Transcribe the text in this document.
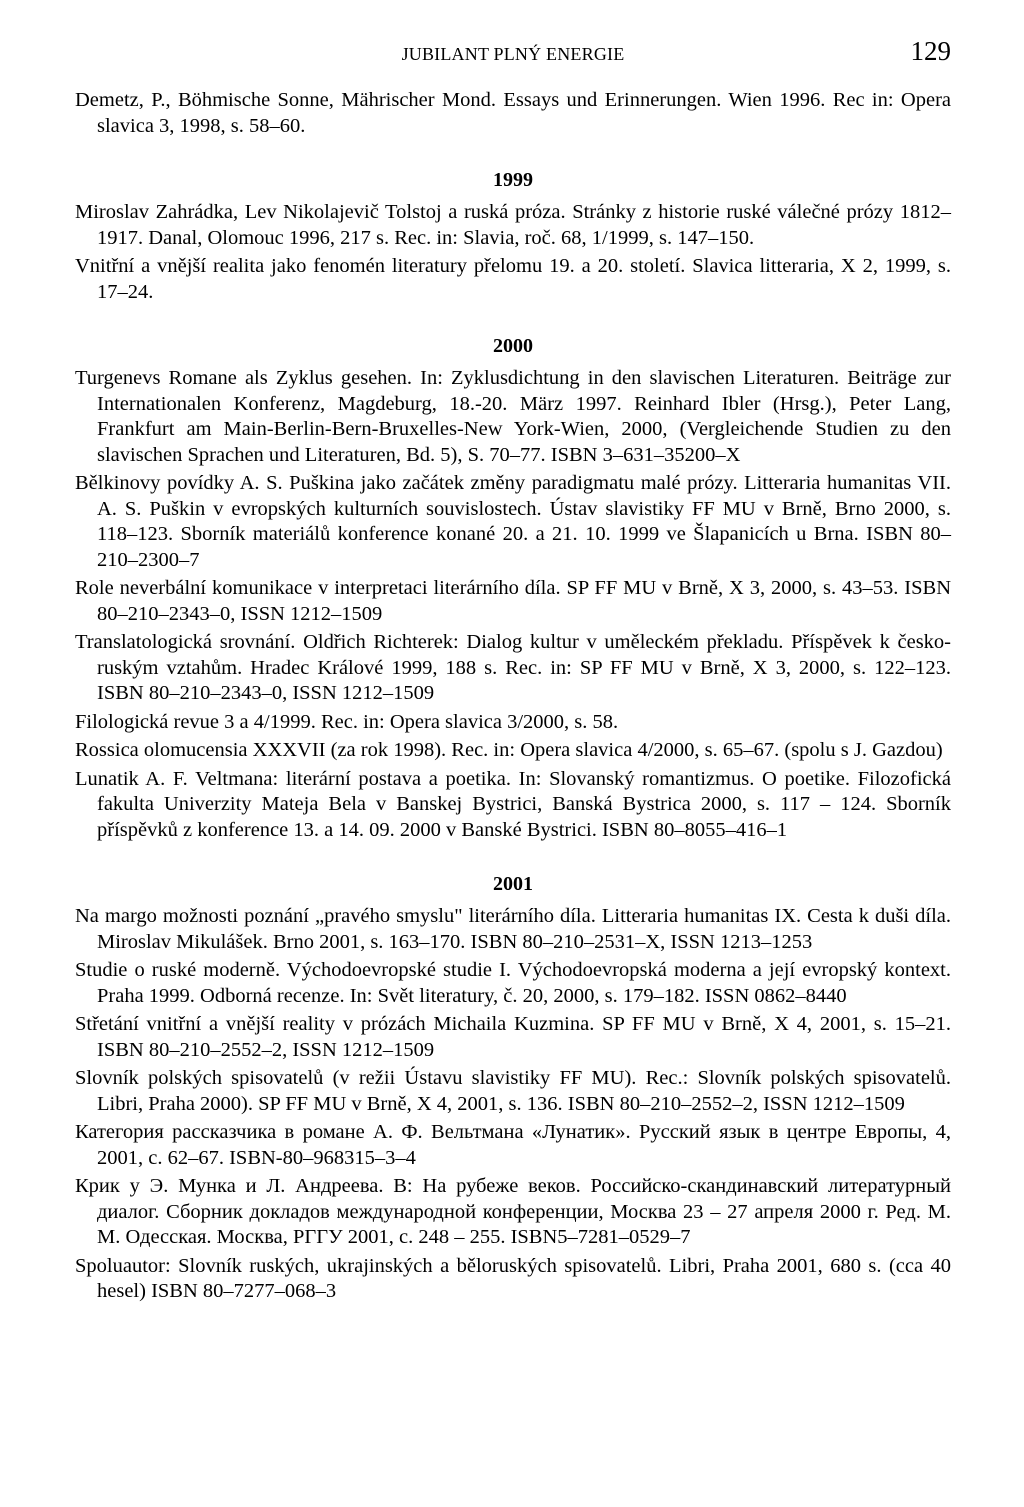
JUBILANT PLNÝ ENERGIE	129

Demetz, P., Böhmische Sonne, Mährischer Mond. Essays und Erinnerungen. Wien 1996. Rec in: Opera slavica 3, 1998, s. 58–60.

1999

Miroslav Zahrádka, Lev Nikolajevič Tolstoj a ruská próza. Stránky z historie ruské válečné prózy 1812–1917. Danal, Olomouc 1996, 217 s. Rec. in: Slavia, roč. 68, 1/1999, s. 147–150.

Vnitřní a vnější realita jako fenomén literatury přelomu 19. a 20. století. Slavica litteraria, X 2, 1999, s. 17–24.

2000

Turgenevs Romane als Zyklus gesehen. In: Zyklusdichtung in den slavischen Literaturen. Beiträge zur Internationalen Konferenz, Magdeburg, 18.-20. März 1997. Reinhard Ibler (Hrsg.), Peter Lang, Frankfurt am Main-Berlin-Bern-Bruxelles-New York-Wien, 2000, (Vergleichende Studien zu den slavischen Sprachen und Literaturen, Bd. 5), S. 70–77. ISBN 3–631–35200–X

Bělkinovy povídky A. S. Puškina jako začátek změny paradigmatu malé prózy. Litteraria humanitas VII. A. S. Puškin v evropských kulturních souvislostech. Ústav slavistiky FF MU v Brně, Brno 2000, s. 118–123. Sborník materiálů konference konané 20. a 21. 10. 1999 ve Šlapanicích u Brna. ISBN 80–210–2300–7

Role neverbální komunikace v interpretaci literárního díla. SP FF MU v Brně, X 3, 2000, s. 43–53. ISBN 80–210–2343–0, ISSN 1212–1509

Translatologická srovnání. Oldřich Richterek: Dialog kultur v uměleckém překladu. Příspěvek k česko-ruským vztahům. Hradec Králové 1999, 188 s. Rec. in: SP FF MU v Brně, X 3, 2000, s. 122–123. ISBN 80–210–2343–0, ISSN 1212–1509

Filologická revue 3 a 4/1999. Rec. in: Opera slavica 3/2000, s. 58.

Rossica olomucensia XXXVII (za rok 1998). Rec. in: Opera slavica 4/2000, s. 65–67. (spolu s J. Gazdou)

Lunatik A. F. Veltmana: literární postava a poetika. In: Slovanský romantizmus. O poetike. Filozofická fakulta Univerzity Mateja Bela v Banskej Bystrici, Banská Bystrica 2000, s. 117 – 124. Sborník příspěvků z konference 13. a 14. 09. 2000 v Banské Bystrici. ISBN 80–8055–416–1

2001

Na margo možnosti poznání „pravého smyslu" literárního díla. Litteraria humanitas IX. Cesta k duši díla. Miroslav Mikulášek. Brno 2001, s. 163–170. ISBN 80–210–2531–X, ISSN 1213–1253

Studie o ruské moderně. Východoevropské studie I. Východoevropská moderna a její evropský kontext. Praha 1999. Odborná recenze. In: Svět literatury, č. 20, 2000, s. 179–182. ISSN 0862–8440

Střetání vnitřní a vnější reality v prózách Michaila Kuzmina. SP FF MU v Brně, X 4, 2001, s. 15–21. ISBN 80–210–2552–2, ISSN 1212–1509

Slovník polských spisovatelů (v režii Ústavu slavistiky FF MU). Rec.: Slovník polských spisovatelů. Libri, Praha 2000). SP FF MU v Brně, X 4, 2001, s. 136. ISBN 80–210–2552–2, ISSN 1212–1509

Категория рассказчика в романе А. Ф. Вельтмана «Лунатик». Русский язык в центре Европы, 4, 2001, с. 62–67. ISBN-80–968315–3–4

Крик у Э. Мунка и Л. Андреева. В: На рубеже веков. Российско-скандинавский литературный диалог. Сборник докладов международной конференции, Москва 23 – 27 апреля 2000 г. Ред. М. М. Одесская. Москва, РГГУ 2001, с. 248 – 255. ISBN5–7281–0529–7

Spoluautor: Slovník ruských, ukrajinských a běloruských spisovatelů. Libri, Praha 2001, 680 s. (cca 40 hesel) ISBN 80–7277–068–3
